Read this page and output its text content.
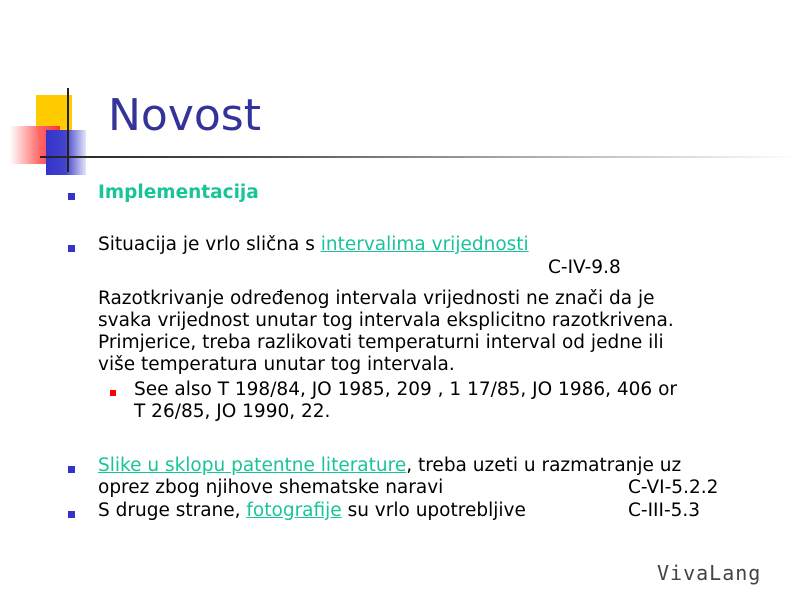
Novost
Implementacija
Situacija je vrlo slična s intervalima vrijednosti
C-IV-9.8
Razotkrivanje određenog intervala vrijednosti ne znači da je
svaka vrijednost unutar tog intervala eksplicitno razotkrivena.
Primjerice, treba razlikovati temperaturni interval od jedne ili
više temperatura unutar tog intervala.
See also T 198/84, JO 1985, 209 , 1 17/85, JO 1986, 406 or
T 26/85, JO 1990, 22.
Slike u sklopu patentne literature, treba uzeti u razmatranje uz
oprez zbog njihove shematske naravi	C-VI-5.2.2
S druge strane, fotografije su vrlo upotrebljive	C-III-5.3
VivaLang
